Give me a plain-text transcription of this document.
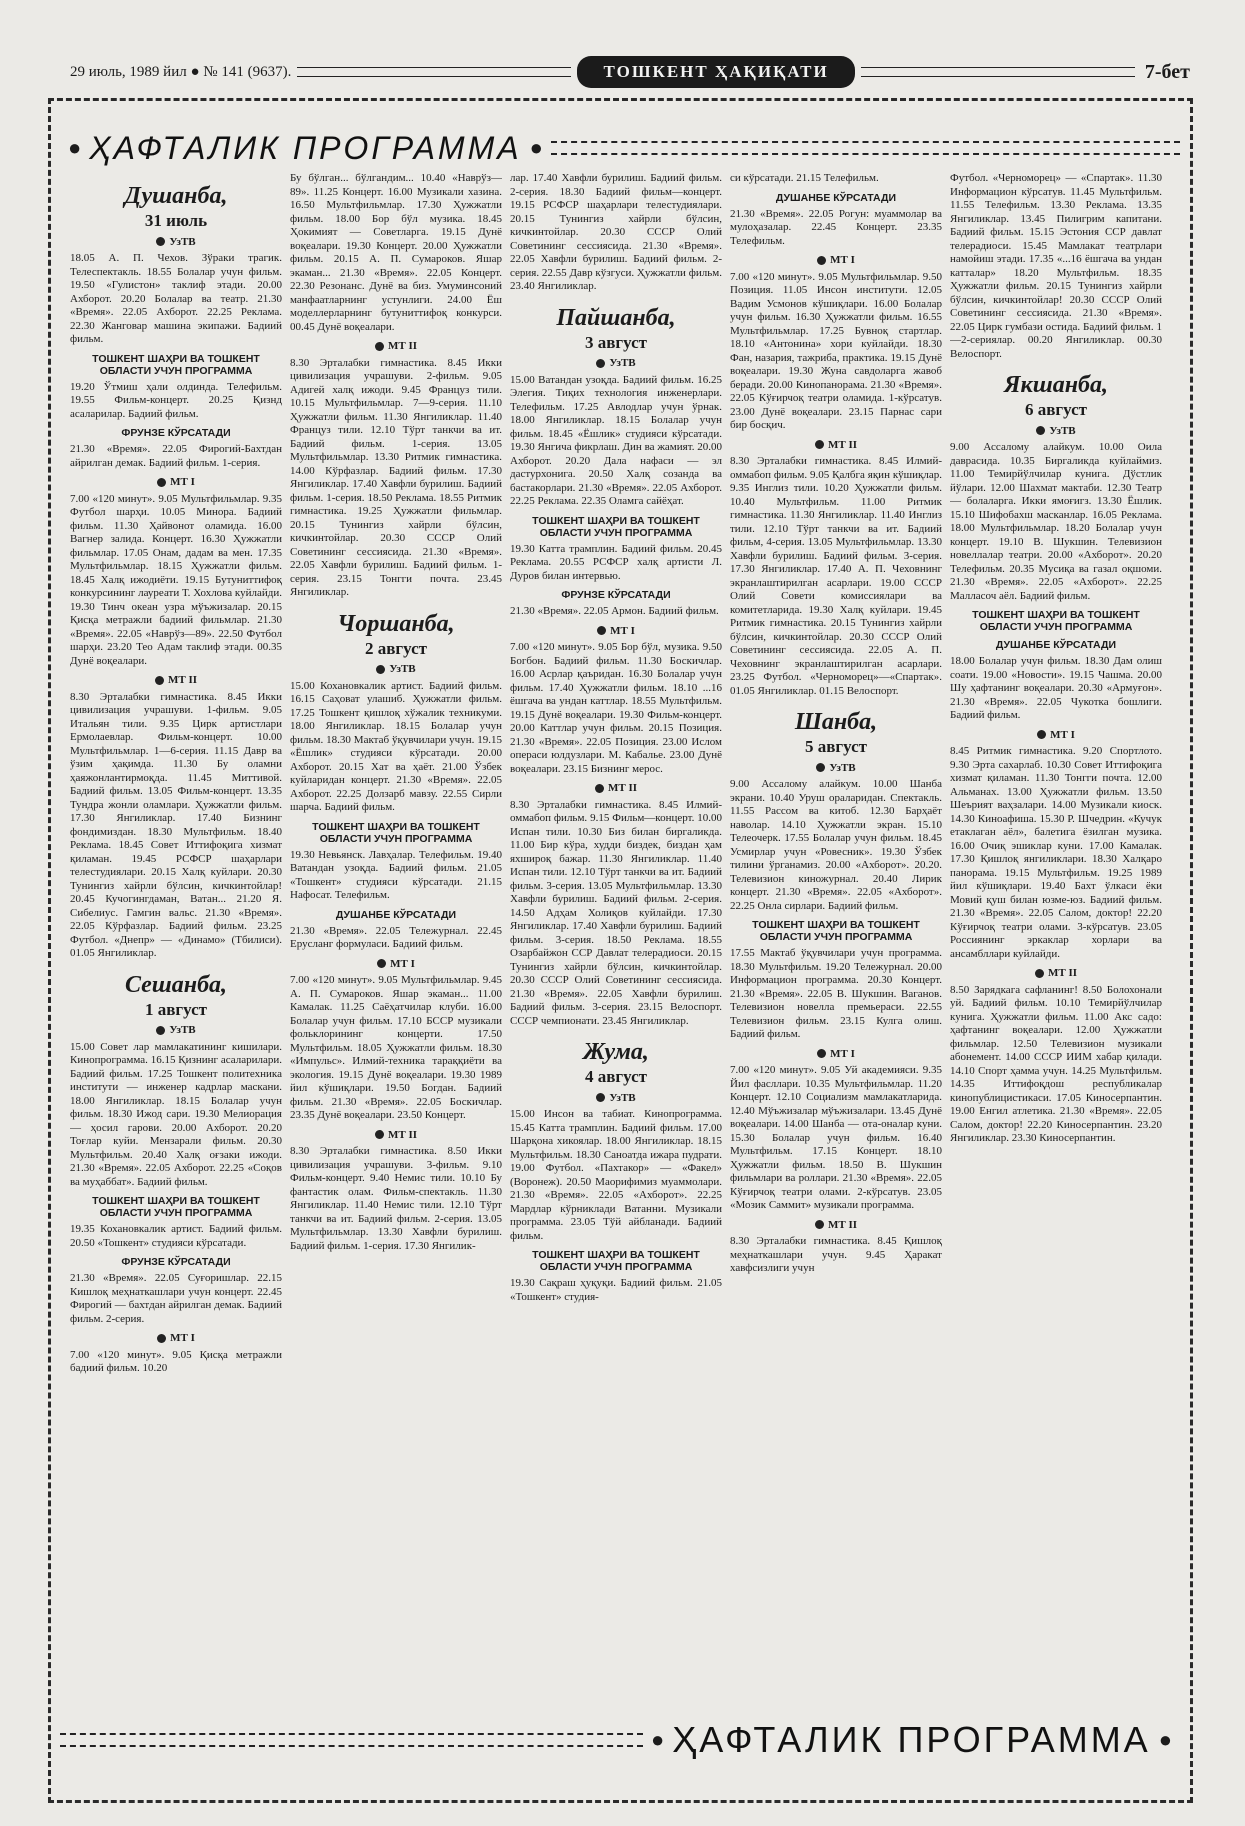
29 июль, 1989 йил ● № 141 (9637).	ТОШКЕНТ ҲАҚИҚАТИ	7-бет
● ҲАФТАЛИК ПРОГРАММА ●
Душанба,
31 июль
УзТВ

18.05 А. П. Чехов. Зўраки трагик. Телеспектакль. 18.55 Болалар учун фильм. 19.50 «Гулистон» таклиф этади. 20.00 Ахборот. 20.20 Болалар ва театр. 21.30 «Время». 22.05 Ахборот. 22.25 Реклама. 22.30 Жанговар машина экипажи. Бадиий фильм.

ТОШКЕНТ ШАҲРИ ВА ТОШКЕНТ ОБЛАСТИ УЧУН ПРОГРАММА

19.20 Ўтмиш ҳали олдинда. Телефильм. 19.55 Фильм-концерт. 20.25 Қизнд асаларилар. Бадиий фильм.

ФРУНЗЕ КЎРСАТАДИ

21.30 «Время». 22.05 Фирогий-Бахтдан айрилган демак. Бадиий фильм. 1-серия.

МТ I

7.00 «120 минут». 9.05 Мультфильмлар. 9.35 Футбол шарҳи. 10.05 Минора. Бадиий фильм. 11.30 Ҳайвонот оламида. 16.00 Вагнер залида. Концерт. 16.30 Ҳужжатли фильмлар. 17.05 Онам, дадам ва мен. 17.35 Мультфильмлар. 18.15 Ҳужжатли фильм. 18.45 Халқ ижодиёти. 19.15 Бутуниттифоқ конкурсининг лауреати Т. Хохлова куйлайди. 19.30 Тинч океан узра мўъжизалар. 20.15 Қисқа метражли бадиий фильмлар. 21.30 «Время». 22.05 «Наврўз—89». 22.50 Футбол шарҳи. 23.20 Тео Адам таклиф этади. 00.35 Дунё воқеалари.

МТ II

8.30 Эрталабки гимнастика. 8.45 Икки цивилизация учрашуви. 1-фильм. 9.05 Итальян тили. 9.35 Цирк артистлари Ермолаевлар. Фильм-концерт. 10.00 Мультфильмлар. 1—6-серия. 11.15 Давр ва ўзим ҳақимда. 11.30 Бу оламни ҳаяжонлантирмоқда. 11.45 Миттивой. Бадиий фильм. 13.05 Фильм-концерт. 13.35 Тундра жонли оламлари. Ҳужжатли фильм. 17.30 Янгиликлар. 17.40 Бизнинг фондимиздан. 18.30 Мультфильм. 18.40 Реклама. 18.45 Совет Иттифоқига хизмат қиламан. 19.45 РСФСР шаҳарлари телестудиялари. 20.15 Халқ куйлари. 20.30 Тунингиз хайрли бўлсин, кичкинтойлар! 20.45 Кучогингдаман, Ватан... 21.20 Я. Сибелиус. Гамгин вальс. 21.30 «Время». 22.05 Кўрфазлар. Бадиий фильм. 23.25 Футбол. «Днепр» — «Динамо» (Тбилиси). 01.05 Янгиликлар.

Сешанба,
1 август
УзТВ

15.00 Совет лар мамлакатининг кишилари. Кинопрограмма. 16.15 Қизнинг асаларилари. Бадиий фильм. 17.25 Тошкент политехника институти — инженер кадрлар маскани. 18.00 Янгиликлар. 18.15 Болалар учун фильм. 18.30 Ижод сари. 19.30 Мелиорация — ҳосил гарови. 20.00 Ахборот. 20.20 Тоғлар куйи. Мензарали фильм. 20.30 Мультфильм. 20.40 Халқ оғзаки ижоди. 21.30 «Время». 22.05 Ахборот. 22.25 «Соқов ва муҳаббат». Бадиий фильм.

ТОШКЕНТ ШАҲРИ ВА ТОШКЕНТ ОБЛАСТИ УЧУН ПРОГРАММА

19.35 Кохановкалик артист. Бадиий фильм. 20.50 «Тошкент» студияси кўрсатади.

ФРУНЗЕ КЎРСАТАДИ

21.30 «Время». 22.05 Суғоришлар. 22.15 Кишлоқ меҳнаткашлари учун концерт. 22.45 Фирогий — бахтдан айрилган демак. Бадиий фильм. 2-серия.

МТ I

7.00 «120 минут». 9.05 Қисқа метражли бадиий фильм. 10.20

Бу бўлган... бўлгандим... 10.40 «Наврўз—89». 11.25 Концерт. 16.00 Музикали хазина. 16.50 Мультфильмлар. 17.30 Ҳужжатли фильм. 18.00 Бор бўл музика. 18.45 Ҳокимият — Советларга. 19.15 Дунё воқеалари. 19.30 Концерт. 20.00 Ҳужжатли фильм. 20.15 А. П. Сумароков. Яшар экаман... 21.30 «Время». 22.05 Концерт. 22.30 Резонанс. Дунё ва биз. Умуминсоний манфаатларнинг устунлиги. 24.00 Ёш моделлерларнинг бутуниттифоқ конкурси. 00.45 Дунё воқеалари.

МТ II

8.30 Эрталабки гимнастика. 8.45 Икки цивилизация учрашуви. 2-фильм. 9.05 Адигей халқ ижоди. 9.45 Француз тили. 10.15 Мультфильмлар. 7—9-серия. 11.10 Ҳужжатли фильм. 11.30 Янгиликлар. 11.40 Француз тили. 12.10 Тўрт танкчи ва ит. Бадиий фильм. 1-серия. 13.05 Мультфильмлар. 13.30 Ритмик гимнастика. 14.00 Кўрфазлар. Бадиий фильм. 17.30 Янгиликлар. 17.40 Хавфли бурилиш. Бадиий фильм. 1-серия. 18.50 Реклама. 18.55 Ритмик гимнастика. 19.25 Ҳужжатли фильмлар. 20.15 Тунингиз хайрли бўлсин, кичкинтойлар. 20.30 СССР Олий Советининг сессиясида. 21.30 «Время». 22.05 Хавфли бурилиш. Бадиий фильм. 1-серия. 23.15 Тонгги почта. 23.45 Янгиликлар.

Чоршанба,
2 август
УзТВ

15.00 Кохановкалик артист. Бадиий фильм. 16.15 Саҳоват улашиб. Ҳужжатли фильм. 17.25 Тошкент қишлоқ хўжалик техникуми. 18.00 Янгиликлар. 18.15 Болалар учун фильм. 18.30 Мактаб ўқувчилари учун. 19.15 «Ёшлик» студияси кўрсатади. 20.00 Ахборот. 20.15 Хат ва ҳаёт. 21.00 Ўзбек куйларидан концерт. 21.30 «Время». 22.05 Ахборот. 22.25 Долзарб мавзу. 22.55 Сирли шарча. Бадиий фильм.

ТОШКЕНТ ШАҲРИ ВА ТОШКЕНТ ОБЛАСТИ УЧУН ПРОГРАММА

19.30 Невьянск. Лавҳалар. Телефильм. 19.40 Ватандан узоқда. Бадиий фильм. 21.05 «Тошкент» студияси кўрсатади. 21.15 Нафосат. Телефильм.

ДУШАНБЕ КЎРСАТАДИ

21.30 «Время». 22.05 Тележурнал. 22.45 Ерусланг формуласи. Бадиий фильм.

МТ I

7.00 «120 минут». 9.05 Мультфильмлар. 9.45 А. П. Сумароков. Яшар экаман... 11.00 Камалак. 11.25 Саёҳатчилар клуби. 16.00 Болалар учун фильм. 17.10 БССР музикали фольклорининг концерти. 17.50 Мультфильм. 18.05 Ҳужжатли фильм. 18.30 «Импульс». Илмий-техника тараққиёти ва экология. 19.15 Дунё воқеалари. 19.30 1989 йил кўшиқлари. 19.50 Богдан. Бадиий фильм. 21.30 «Время». 22.05 Боскичлар. 23.35 Дунё воқеалари. 23.50 Концерт.

МТ II

8.30 Эрталабки гимнастика. 8.50 Икки цивилизация учрашуви. 3-фильм. 9.10 Фильм-концерт. 9.40 Немис тили. 10.10 Бу фантастик олам. Фильм-спектакль. 11.30 Янгиликлар. 11.40 Немис тили. 12.10 Тўрт танкчи ва ит. Бадиий фильм. 2-серия. 13.05 Мультфильмлар. 13.30 Хавфли бурилиш. Бадиий фильм. 1-серия. 17.30 Янгилик-

лар. 17.40 Хавфли бурилиш. Бадиий фильм. 2-серия. 18.30 Бадиий фильм—концерт. 19.15 РСФСР шаҳарлари телестудиялари. 20.15 Тунингиз хайрли бўлсин, кичкинтойлар. 20.30 СССР Олий Советининг сессиясида. 21.30 «Время». 22.05 Хавфли бурилиш. Бадиий фильм. 2-серия. 22.55 Давр кўзгуси. Ҳужжатли фильм. 23.40 Янгиликлар.

Пайшанба,
3 август
УзТВ

15.00 Ватандан узоқда. Бадиий фильм. 16.25 Элегия. Тиқих технология инженерлари. Телефильм. 17.25 Авлодлар учун ўрнак. 18.00 Янгиликлар. 18.15 Болалар учун фильм. 18.45 «Ёшлик» студияси кўрсатади. 19.30 Янгича фикрлаш. Дин ва жамият. 20.00 Ахборот. 20.20 Дала нафаси — эл дастурхонига. 20.50 Халқ созанда ва бастакорлари. 21.30 «Время». 22.05 Ахборот. 22.25 Реклама. 22.35 Оламга сайёҳат.

ТОШКЕНТ ШАҲРИ ВА ТОШКЕНТ ОБЛАСТИ УЧУН ПРОГРАММА

19.30 Катта трамплин. Бадиий фильм. 20.45 Реклама. 20.55 РСФСР халқ артисти Л. Дуров билан интервью.

ФРУНЗЕ КЎРСАТАДИ

21.30 «Время». 22.05 Армон. Бадиий фильм.

МТ I

7.00 «120 минут». 9.05 Бор бўл, музика. 9.50 Богбон. Бадиий фильм. 11.30 Боскичлар. 16.00 Асрлар қаъридан. 16.30 Болалар учун фильм. 17.40 Ҳужжатли фильм. 18.10 ...16 ёшгача ва ундан каттлар. 18.55 Мультфильм. 19.15 Дунё воқеалари. 19.30 Фильм-концерт. 20.00 Каттлар учун фильм. 20.15 Позиция. 21.30 «Время». 22.05 Позиция. 23.00 Ислом операси юлдузлари. М. Кабалье. 23.00 Дунё воқеалари. 23.15 Бизнинг мерос.

МТ II

8.30 Эрталабки гимнастика. 8.45 Илмий-оммабоп фильм. 9.15 Фильм—концерт. 10.00 Испан тили. 10.30 Биз билан биргаликда. 11.00 Бир кўра, худди биздек, биздан ҳам яхшироқ бажар. 11.30 Янгиликлар. 11.40 Испан тили. 12.10 Тўрт танкчи ва ит. Бадиий фильм. 3-серия. 13.05 Мультфильмлар. 13.30 Хавфли бурилиш. Бадиий фильм. 2-серия. 14.50 Адҳам Холиқов куйлайди. 17.30 Янгиликлар. 17.40 Хавфли бурилиш. Бадиий фильм. 3-серия. 18.50 Реклама. 18.55 Озарбайжон ССР Давлат телерадиоси. 20.15 Тунингиз хайрли бўлсин, кичкинтойлар. 20.30 СССР Олий Советининг сессиясида. 21.30 «Время». 22.05 Хавфли бурилиш. Бадиий фильм. 3-серия. 23.15 Велоспорт. СССР чемпионати. 23.45 Янгиликлар.

Жума,
4 август
УзТВ

15.00 Инсон ва табиат. Кинопрограмма. 15.45 Катта трамплин. Бадиий фильм. 17.00 Шарқона хикоялар. 18.00 Янгиликлар. 18.15 Мультфильм. 18.30 Саноатда ижара пудрати. 19.00 Футбол. «Пахтакор» — «Факел» (Воронеж). 20.50 Маорифимиз муаммолари. 21.30 «Время». 22.05 «Ахборот». 22.25 Мардлар кўрниклади Ватанни. Музикали программа. 23.05 Тўй айбланади. Бадиий фильм.

ТОШКЕНТ ШАҲРИ ВА ТОШКЕНТ ОБЛАСТИ УЧУН ПРОГРАММА

19.30 Сақраш ҳуқуқи. Бадиий фильм. 21.05 «Тошкент» студия-

си кўрсатади. 21.15 Телефильм.

ДУШАНБЕ КЎРСАТАДИ

21.30 «Время». 22.05 Рогун: муаммолар ва мулоҳазалар. 22.45 Концерт. 23.35 Телефильм.

МТ I

7.00 «120 минут». 9.05 Мультфильмлар. 9.50 Позиция. 11.05 Инсон институти. 12.05 Вадим Усмонов кўшиқлари. 16.00 Болалар учун фильм. 16.30 Ҳужжатли фильм. 16.55 Мультфильмлар. 17.25 Бувноқ стартлар. 18.10 «Антонина» хори куйлайди. 18.30 Фан, назария, тажриба, практика. 19.15 Дунё воқеалари. 19.30 Жуна савдоларга жавоб беради. 20.00 Кинопанорама. 21.30 «Время». 22.05 Кўғирчоқ театри оламида. 1-кўрсатув. 23.00 Дунё воқеалари. 23.15 Парнас сари бир босқич.

МТ II

8.30 Эрталабки гимнастика. 8.45 Илмий-оммабоп фильм. 9.05 Қалбга яқин кўшиқлар. 9.35 Инглиз тили. 10.20 Ҳужжатли фильм. 10.40 Мультфильм. 11.00 Ритмик гимнастика. 11.30 Янгиликлар. 11.40 Инглиз тили. 12.10 Тўрт танкчи ва ит. Бадиий фильм, 4-серия. 13.05 Мультфильмлар. 13.30 Хавфли бурилиш. Бадиий фильм. 3-серия. 17.30 Янгиликлар. 17.40 А. П. Чеховнинг экранлаштирилган асарлари. 19.00 СССР Олий Совети комиссиялари ва комитетларида. 19.30 Халқ куйлари. 19.45 Ритмик гимнастика. 20.15 Тунингиз хайрли бўлсин, кичкинтойлар. 20.30 СССР Олий Советининг сессиясида. 22.05 А. П. Чеховнинг экранлаштирилган асарлари. 23.25 Футбол. «Черноморец»—«Спартак». 01.05 Янгиликлар. 01.15 Велоспорт.

Шанба,
5 август
УзТВ

9.00 Ассалому алайкум. 10.00 Шанба экрани. 10.40 Уруш ораларидан. Спектакль. 11.55 Рассом ва китоб. 12.30 Барҳаёт наволар. 14.10 Ҳужжатли экран. 15.10 Телеочерк. 17.55 Болалар учун фильм. 18.45 Усмирлар учун «Ровесник». 19.30 Ўзбек тилини ўрганамиз. 20.00 «Ахборот». 20.20. Телевизион киножурнал. 20.40 Лирик концерт. 21.30 «Время». 22.05 «Ахборот». 22.25 Онла сирлари. Бадиий фильм.

ТОШКЕНТ ШАҲРИ ВА ТОШКЕНТ ОБЛАСТИ УЧУН ПРОГРАММА

17.55 Мактаб ўқувчилари учун программа. 18.30 Мультфильм. 19.20 Тележурнал. 20.00 Информацион программа. 20.30 Концерт. 21.30 «Время». 22.05 В. Шукшин. Ваганов. Телевизион новелла премьераси. 22.55 Телевизион фильм. 23.15 Кулга олиш. Бадиий фильм.

МТ I

7.00 «120 минут». 9.05 Уй академияси. 9.35 Йил фасллари. 10.35 Мультфильмлар. 11.20 Концерт. 12.10 Социализм мамлакатларида. 12.40 Мўъжизалар мўъжизалари. 13.45 Дунё воқеалари. 14.00 Шанба — ота-оналар куни. 15.30 Болалар учун фильм. 16.40 Мультфильм. 17.15 Концерт. 18.10 Ҳужжатли фильм. 18.50 В. Шукшин фильмлари ва роллари. 21.30 «Время». 22.05 Кўғирчоқ театри олами. 2-кўрсатув. 23.05 «Мозик Саммит» музикали программа.

МТ II

8.30 Эрталабки гимнастика. 8.45 Қишлоқ меҳнаткашлари учун. 9.45 Ҳаракат хавфсизлиги учун

Футбол. «Черноморец» — «Спартак». 11.30 Информацион кўрсатув. 11.45 Мультфильм. 11.55 Телефильм. 13.30 Реклама. 13.35 Янгиликлар. 13.45 Пилигрим капитани. Бадиий фильм. 15.15 Эстония ССР давлат телерадиоси. 15.45 Мамлакат театрлари намойиш этади. 17.35 «...16 ёшгача ва ундан катталар» 18.20 Мультфильм. 18.35 Ҳужжатли фильм. 20.15 Тунингиз хайрли бўлсин, кичкинтойлар! 20.30 СССР Олий Советининг сессиясида. 21.30 «Время». 22.05 Цирк гумбази остида. Бадиий фильм. 1—2-сериялар. 00.20 Янгиликлар. 00.30 Велоспорт.

Якшанба,
6 август
УзТВ

9.00 Ассалому алайкум. 10.00 Оила даврасида. 10.35 Биргаликда куйлаймиз. 11.00 Темирйўлчилар кунига. Дўстлик йўлари. 12.00 Шахмат мактаби. 12.30 Театр — болаларга. Икки ямоғигз. 13.30 Ёшлик. 15.10 Шифобахш масканлар. 16.05 Реклама. 18.00 Мультфильмлар. 18.20 Болалар учун концерт. 19.10 В. Шукшин. Телевизион новеллалар театри. 20.00 «Ахборот». 20.20 Телефильм. 20.35 Мусиқа ва газал оқшоми. 21.30 «Время». 22.05 «Ахборот». 22.25 Малласоч аёл. Бадиий фильм.

ТОШКЕНТ ШАҲРИ ВА ТОШКЕНТ ОБЛАСТИ УЧУН ПРОГРАММА
ДУШАНБЕ КЎРСАТАДИ

18.00 Болалар учун фильм. 18.30 Дам олиш соати. 19.00 «Новости». 19.15 Чашма. 20.00 Шу ҳафтанинг воқеалари. 20.30 «Армуғон». 21.30 «Время». 22.05 Чукотка бошлиги. Бадиий фильм.

МТ I

8.45 Ритмик гимнастика. 9.20 Спортлото. 9.30 Эрта сахарлаб. 10.30 Совет Иттифоқига хизмат қиламан. 11.30 Тонгги почта. 12.00 Альманах. 13.00 Ҳужжатли фильм. 13.50 Шеърият ваҳзалари. 14.00 Музикали киоск. 14.30 Киноафиша. 15.30 Р. Шчедрин. «Кучук етаклаган аёл», балетига ёзилган музика. 16.00 Очиқ эшиклар куни. 17.00 Камалак. 17.30 Қишлоқ янгиликлари. 18.30 Халқаро панорама. 19.15 Мультфильм. 19.25 1989 йил кўшиқлари. 19.40 Бахт ўлкаси ёки Мовий қуш билан юзме-юз. Бадиий фильм. 21.30 «Время». 22.05 Салом, доктор! 22.20 Кўғирчоқ театри олами. 3-кўрсатув. 23.05 Россиянинг эркаклар хорлари ва ансамбллари куйлайди.

МТ II

8.50 Зарядкага сафланинг! 8.50 Болохонали уй. Бадиий фильм. 10.10 Темирйўлчилар кунига. Ҳужжатли фильм. 11.00 Акс садо: ҳафтанинг воқеалари. 12.00 Ҳужжатли фильмлар. 12.50 Телевизион музикали абонемент. 14.00 СССР ИИМ хабар қилади. 14.10 Спорт ҳамма учун. 14.25 Мультфильм. 14.35 Иттифоқдош республикалар кинопублицистикаси. 17.05 Киносерпантин. 19.00 Енгил атлетика. 21.30 «Время». 22.05 Салом, доктор! 22.20 Киносерпантин. 23.20 Янгиликлар. 23.30 Киносерпантин.

● ҲАФТАЛИК ПРОГРАММА ●
